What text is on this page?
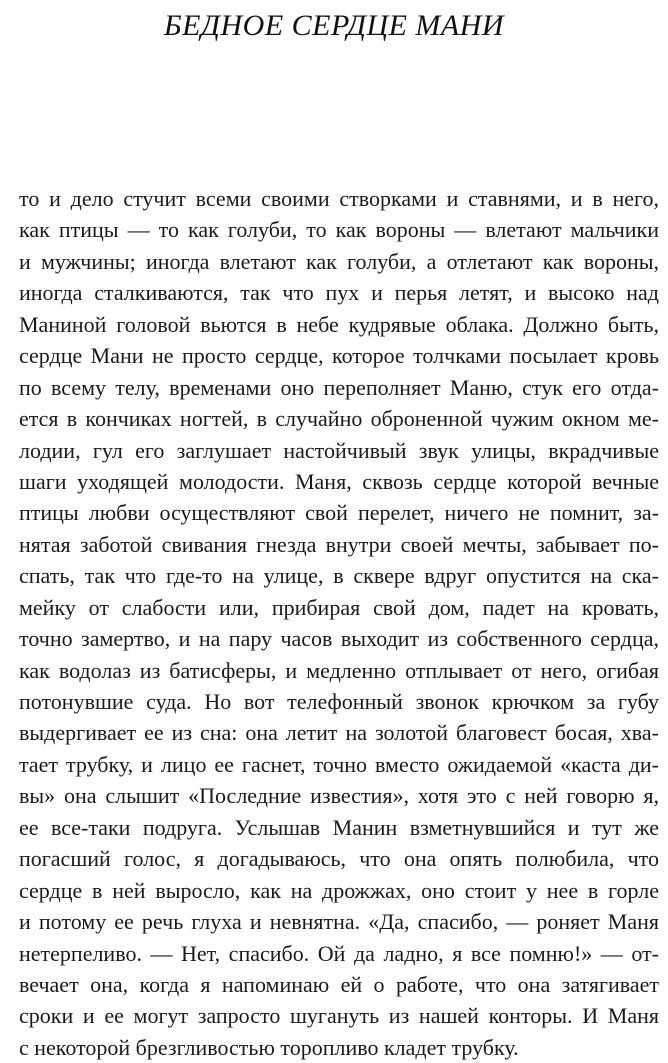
БЕДНОЕ СЕРДЦЕ МАНИ
то и дело стучит всеми своими створками и ставнями, и в него,
как птицы — то как голуби, то как вороны — влетают мальчики
и мужчины; иногда влетают как голуби, а отлетают как вороны,
иногда сталкиваются, так что пух и перья летят, и высоко над
Маниной головой вьются в небе кудрявые облака. Должно быть,
сердце Мани не просто сердце, которое толчками посылает кровь
по всему телу, временами оно переполняет Маню, стук его отда-
ется в кончиках ногтей, в случайно оброненной чужим окном ме-
лодии, гул его заглушает настойчивый звук улицы, вкрадчивые
шаги уходящей молодости. Маня, сквозь сердце которой вечные
птицы любви осуществляют свой перелет, ничего не помнит, за-
нятая заботой свивания гнезда внутри своей мечты, забывает по-
спать, так что где-то на улице, в сквере вдруг опустится на ска-
мейку от слабости или, прибирая свой дом, падет на кровать,
точно замертво, и на пару часов выходит из собственного сердца,
как водолаз из батисферы, и медленно отплывает от него, огибая
потонувшие суда. Но вот телефонный звонок крючком за губу
выдергивает ее из сна: она летит на золотой благовест босая, хва-
тает трубку, и лицо ее гаснет, точно вместо ожидаемой «каста ди-
вы» она слышит «Последние известия», хотя это с ней говорю я,
ее все-таки подруга. Услышав Манин взметнувшийся и тут же
погасший голос, я догадываюсь, что она опять полюбила, что
сердце в ней выросло, как на дрожжах, оно стоит у нее в горле
и потому ее речь глуха и невнятна. «Да, спасибо, — роняет Маня
нетерпеливо. — Нет, спасибо. Ой да ладно, я все помню!» — от-
вечает она, когда я напоминаю ей о работе, что она затягивает
сроки и ее могут запросто шугануть из нашей конторы. И Маня
с некоторой брезгливостью торопливо кладет трубку.
